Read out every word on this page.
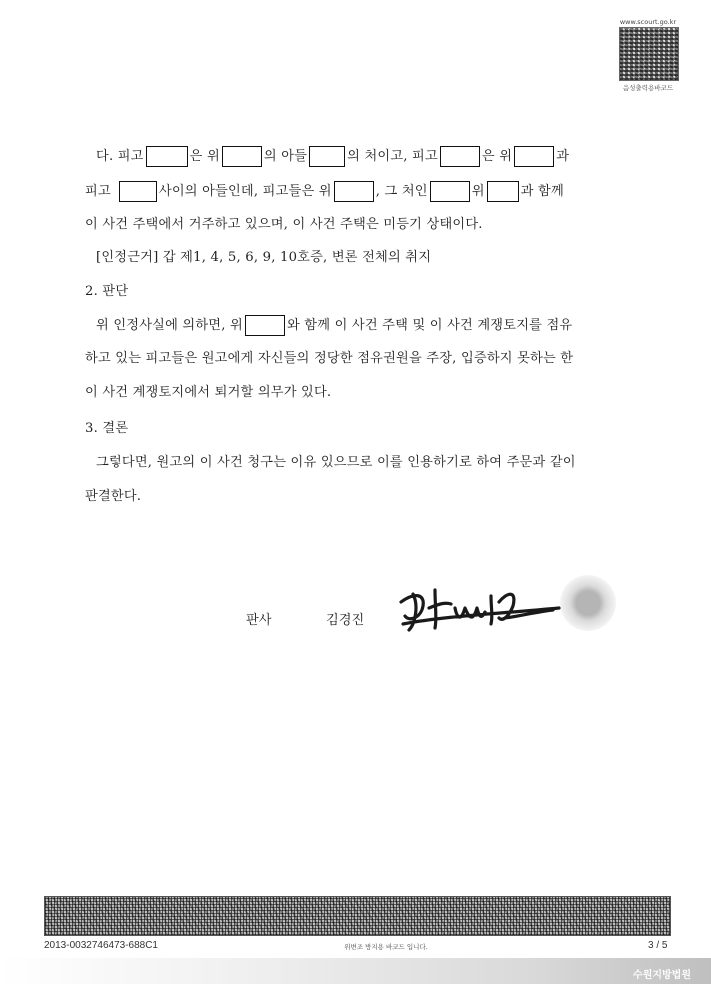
www.scourt.go.kr
음성출력용바코드
다. 피고	은 위	의 아들	의 처이고, 피고	은 위	과
피고	사이의 아들인데, 피고들은 위	, 그 처인	위	과 함께
이 사건 주택에서 거주하고 있으며, 이 사건 주택은 미등기 상태이다.
[인정근거] 갑 제1, 4, 5, 6, 9, 10호증, 변론 전체의 취지
2. 판단
위 인정사실에 의하면, 위	와 함께 이 사건 주택 및 이 사건 계쟁토지를 점유
하고 있는 피고들은 원고에게 자신들의 정당한 점유권원을 주장, 입증하지 못하는 한
이 사건 계쟁토지에서 퇴거할 의무가 있다.
3. 결론
그렇다면, 원고의 이 사건 청구는 이유 있으므로 이를 인용하기로 하여 주문과 같이
판결한다.
판사	김경진
2013-0032746473-688C1	위변조 방지용 바코드 입니다.	3 / 5
수원지방법원
